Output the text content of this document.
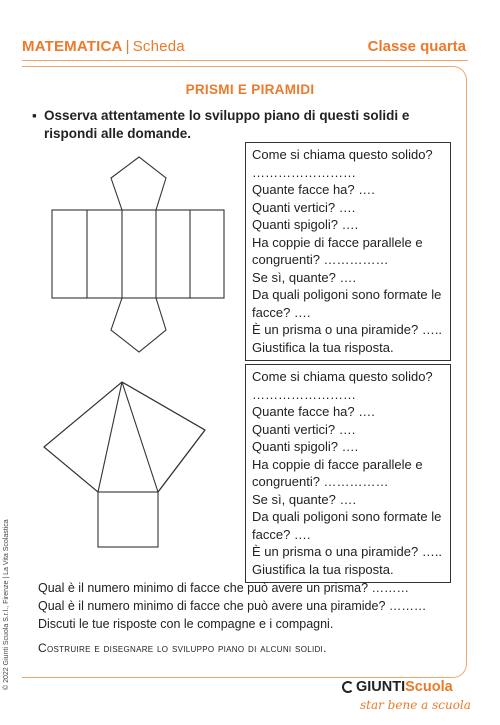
MATEMATICA | Scheda	Classe quarta
PRISMI E PIRAMIDI
▪ Osserva attentamente lo sviluppo piano di questi solidi e rispondi alle domande.
Come si chiama questo solido?
……………………
Quante facce ha? ….
Quanti vertici? ….
Quanti spigoli? ….
Ha coppie di facce parallele e
congruenti? ……………
Se sì, quante? ….
Da quali poligoni sono formate le
facce? ….
È un prisma o una piramide? …..
Giustifica la tua risposta.
Come si chiama questo solido?
……………………
Quante facce ha? ….
Quanti vertici? ….
Quanti spigoli? ….
Ha coppie di facce parallele e
congruenti? ……………
Se sì, quante? ….
Da quali poligoni sono formate le
facce? ….
È un prisma o una piramide? …..
Giustifica la tua risposta.
Qual è il numero minimo di facce che può avere un prisma? ………
Qual è il numero minimo di facce che può avere una piramide? ………
Discuti le tue risposte con le compagne e i compagni.
Costruire e disegnare lo sviluppo piano di alcuni solidi.
© 2022 Giunti Scuola S.r.l., Firenze | La Vita Scolastica	GIUNTIScuola
star bene a scuola
